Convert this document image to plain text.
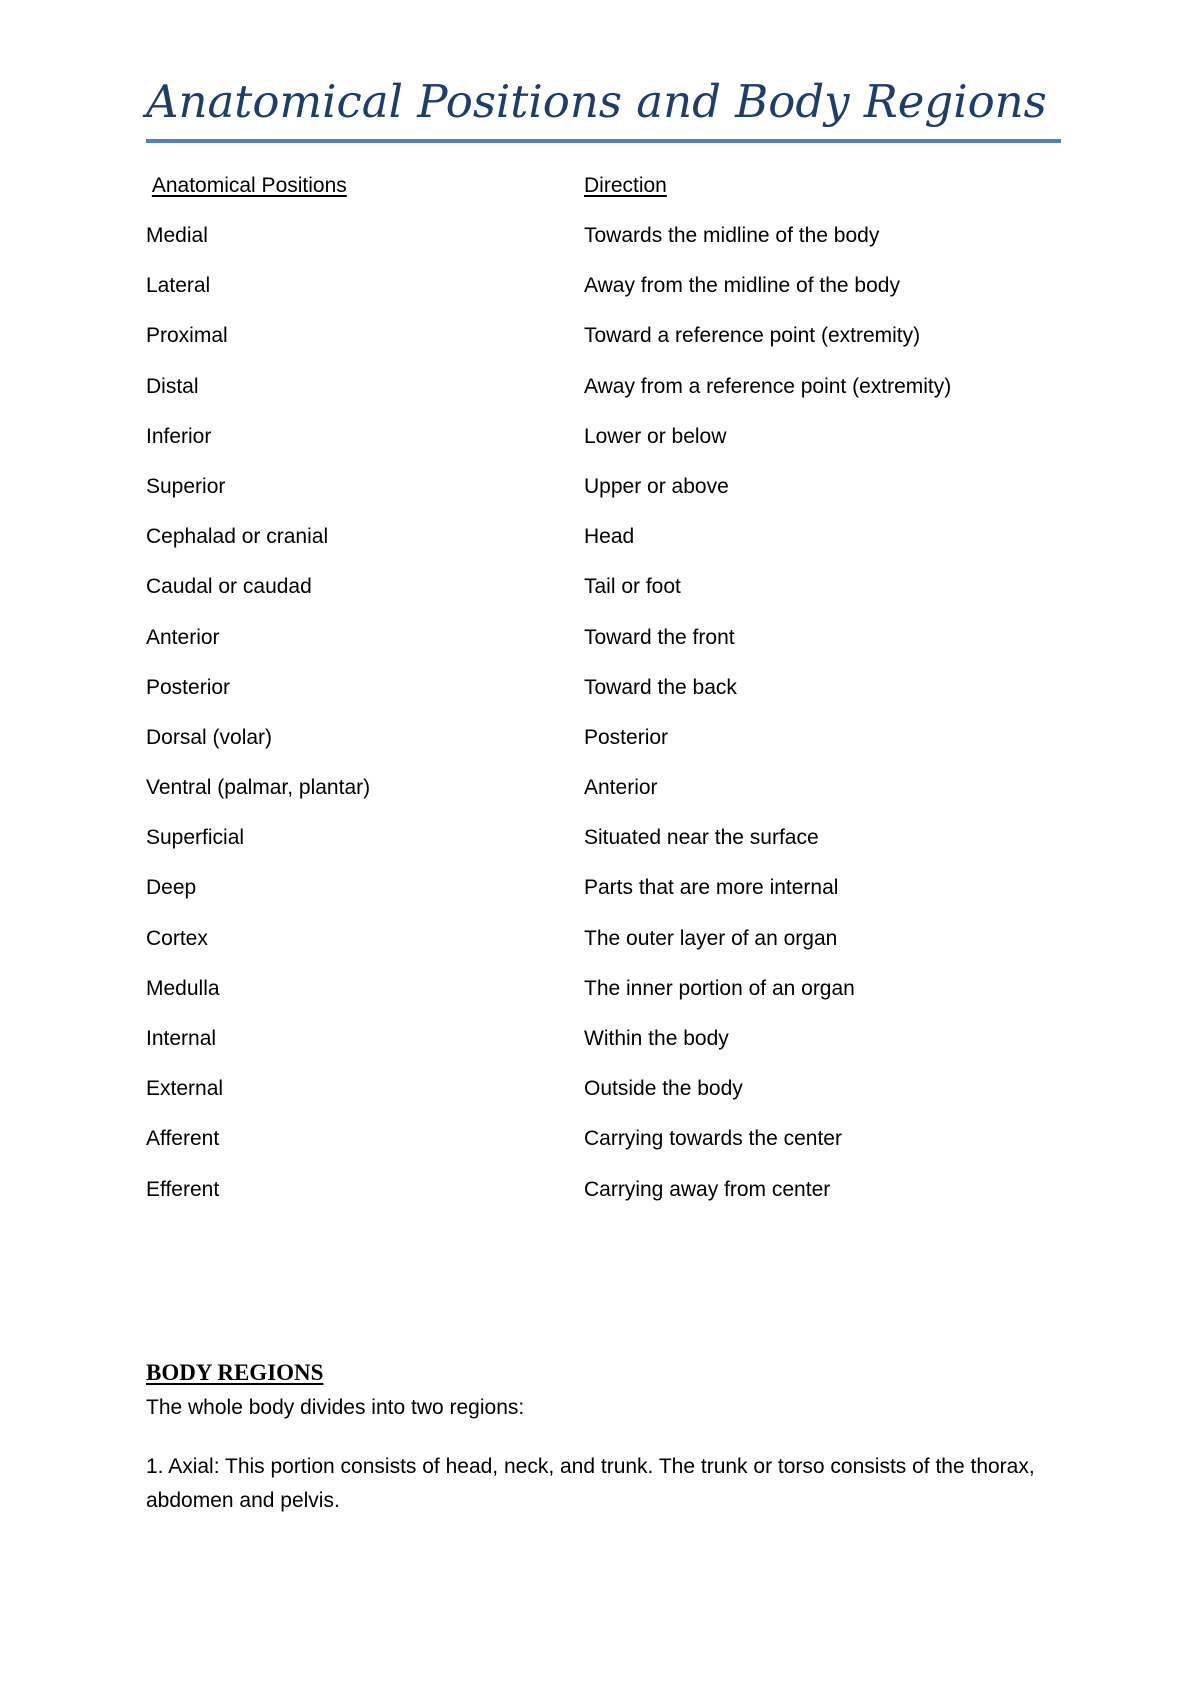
Anatomical Positions and Body Regions
Anatomical Positions	Direction
Medial	Towards the midline of the body
Lateral	Away from the midline of the body
Proximal	Toward a reference point (extremity)
Distal	Away from a reference point (extremity)
Inferior	Lower or below
Superior	Upper or above
Cephalad or cranial	Head
Caudal or caudad	Tail or foot
Anterior	Toward the front
Posterior	Toward the back
Dorsal (volar)	Posterior
Ventral (palmar, plantar)	Anterior
Superficial	Situated near the surface
Deep	Parts that are more internal
Cortex	The outer layer of an organ
Medulla	The inner portion of an organ
Internal	Within the body
External	Outside the body
Afferent	Carrying towards the center
Efferent	Carrying away from center
BODY REGIONS

The whole body divides into two regions:

1. Axial: This portion consists of head, neck, and trunk. The trunk or torso consists of the thorax, abdomen and pelvis.
